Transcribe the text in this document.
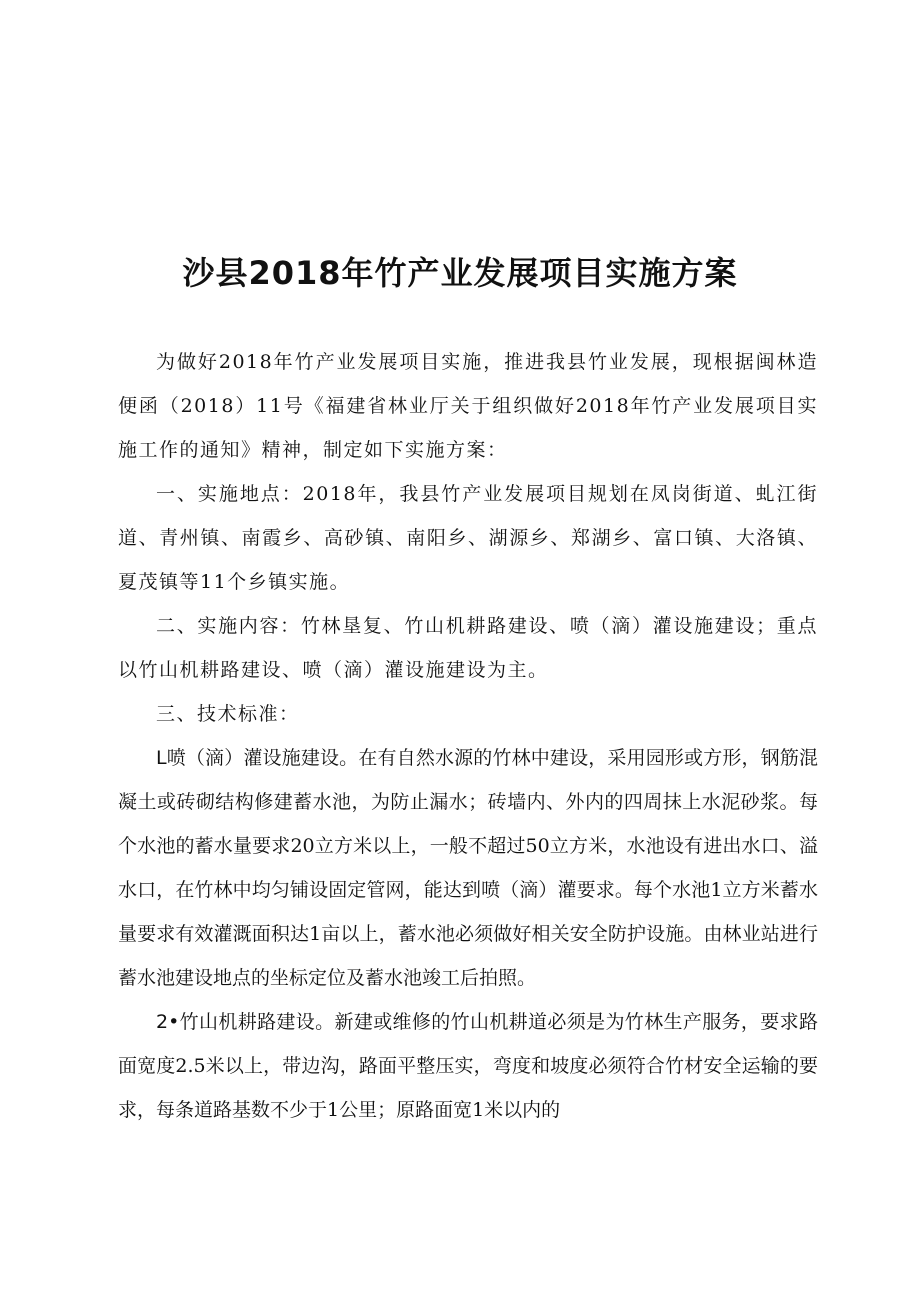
沙县2018年竹产业发展项目实施方案

为做好2018年竹产业发展项目实施，推进我县竹业发展，现根据闽林造便函（2018）11号《福建省林业厅关于组织做好2018年竹产业发展项目实施工作的通知》精神，制定如下实施方案：

一、实施地点：2018年，我县竹产业发展项目规划在凤岗街道、虬江街道、青州镇、南霞乡、高砂镇、南阳乡、湖源乡、郑湖乡、富口镇、大洛镇、夏茂镇等11个乡镇实施。

二、实施内容：竹林垦复、竹山机耕路建设、喷（滴）灌设施建设；重点以竹山机耕路建设、喷（滴）灌设施建设为主。

三、技术标准：

L喷（滴）灌设施建设。在有自然水源的竹林中建设，采用园形或方形，钢筋混凝土或砖砌结构修建蓄水池，为防止漏水；砖墙内、外内的四周抹上水泥砂浆。每个水池的蓄水量要求20立方米以上，一般不超过50立方米，水池设有进出水口、溢水口，在竹林中均匀铺设固定管网，能达到喷（滴）灌要求。每个水池1立方米蓄水量要求有效灌溉面积达1亩以上，蓄水池必须做好相关安全防护设施。由林业站进行蓄水池建设地点的坐标定位及蓄水池竣工后拍照。

2•竹山机耕路建设。新建或维修的竹山机耕道必须是为竹林生产服务，要求路面宽度2.5米以上，带边沟，路面平整压实，弯度和坡度必须符合竹材安全运输的要求，每条道路基数不少于1公里；原路面宽1米以内的
